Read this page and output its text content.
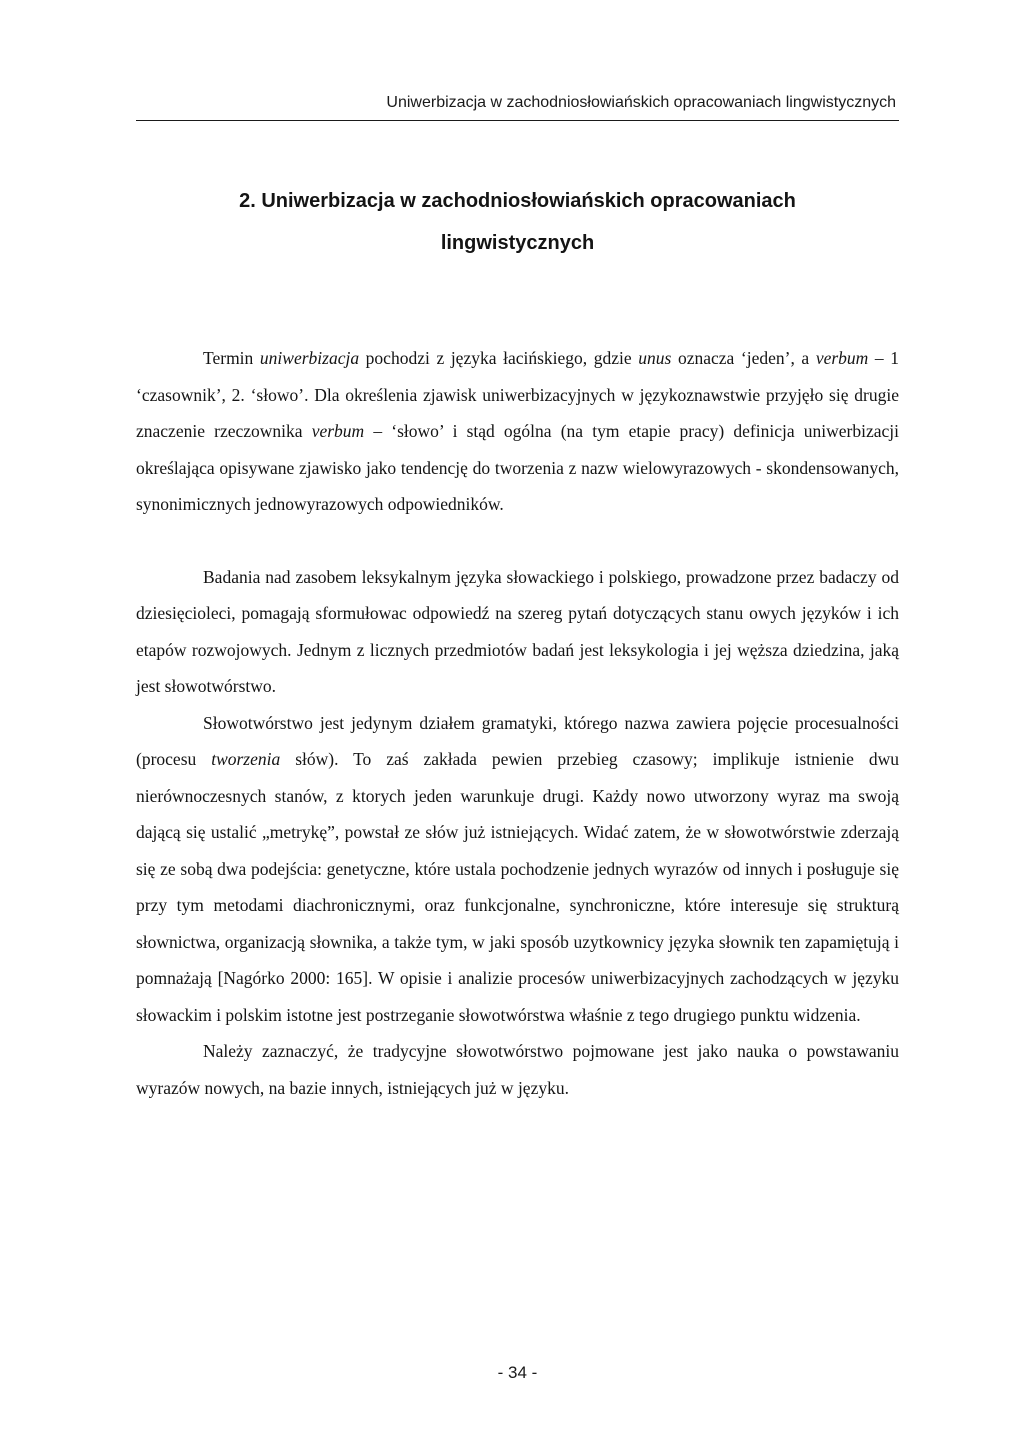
Uniwerbizacja w zachodniosłowiańskich opracowaniach lingwistycznych
2. Uniwerbizacja w zachodniosłowiańskich opracowaniach
lingwistycznych

Termin uniwerbizacja pochodzi z języka łacińskiego, gdzie unus oznacza ‘jeden’, a verbum – 1 ‘czasownik’, 2. ‘słowo’. Dla określenia zjawisk uniwerbizacyjnych w językoznawstwie przyjęło się drugie znaczenie rzeczownika verbum – ‘słowo’ i stąd ogólna (na tym etapie pracy) definicja uniwerbizacji określająca opisywane zjawisko jako tendencję do tworzenia z nazw wielowyrazowych - skondensowanych, synonimicznych jednowyrazowych odpowiedników.

Badania nad zasobem leksykalnym języka słowackiego i polskiego, prowadzone przez badaczy od dziesięcioleci, pomagają sformułowac odpowiedź na szereg pytań dotyczących stanu owych języków i ich etapów rozwojowych. Jednym z licznych przedmiotów badań jest leksykologia i jej węższa dziedzina, jaką jest słowotwórstwo.

Słowotwórstwo jest jedynym działem gramatyki, którego nazwa zawiera pojęcie procesualności (procesu tworzenia słów). To zaś zakłada pewien przebieg czasowy; implikuje istnienie dwu nierównoczesnych stanów, z ktorych jeden warunkuje drugi. Każdy nowo utworzony wyraz ma swoją dającą się ustalić „metrykę”, powstał ze słów już istniejących. Widać zatem, że w słowotwórstwie zderzają się ze sobą dwa podejścia: genetyczne, które ustala pochodzenie jednych wyrazów od innych i posługuje się przy tym metodami diachronicznymi, oraz funkcjonalne, synchroniczne, które interesuje się strukturą słownictwa, organizacją słownika, a także tym, w jaki sposób uzytkownicy języka słownik ten zapamiętują i pomnażają [Nagórko 2000: 165]. W opisie i analizie procesów uniwerbizacyjnych zachodzących w języku słowackim i polskim istotne jest postrzeganie słowotwórstwa właśnie z tego drugiego punktu widzenia.

Należy zaznaczyć, że tradycyjne słowotwórstwo pojmowane jest jako nauka o powstawaniu wyrazów nowych, na bazie innych, istniejących już w języku.

- 34 -
